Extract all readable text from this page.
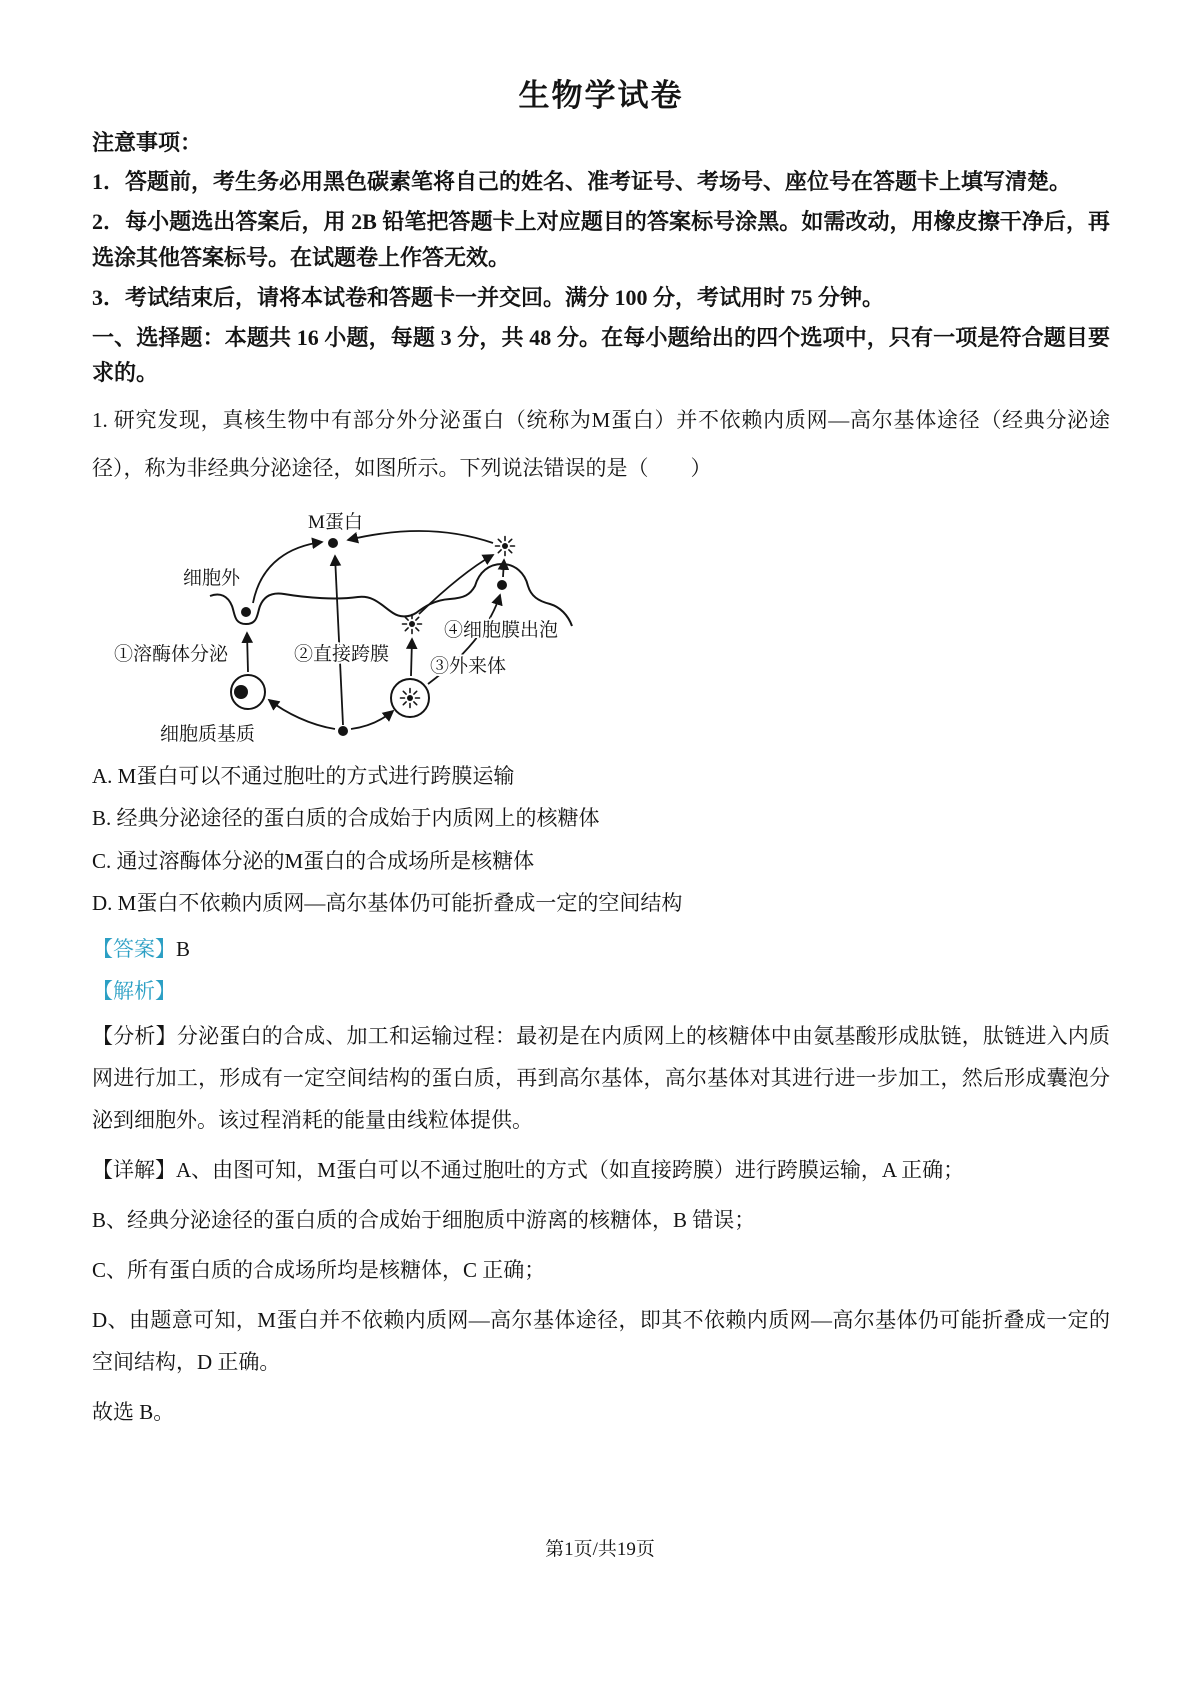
生物学试卷

注意事项：

1．答题前，考生务必用黑色碳素笔将自己的姓名、准考证号、考场号、座位号在答题卡上填写清楚。

2．每小题选出答案后，用 2B 铅笔把答题卡上对应题目的答案标号涂黑。如需改动，用橡皮擦干净后，再选涂其他答案标号。在试题卷上作答无效。

3．考试结束后，请将本试卷和答题卡一并交回。满分 100 分，考试用时 75 分钟。

一、选择题：本题共 16 小题，每题 3 分，共 48 分。在每小题给出的四个选项中，只有一项是符合题目要求的。

1. 研究发现，真核生物中有部分外分泌蛋白（统称为M蛋白）并不依赖内质网—高尔基体途径（经典分泌途径），称为非经典分泌途径，如图所示。下列说法错误的是（　　）

M蛋白
细胞外
①溶酶体分泌	②直接跨膜
③外来体
④细胞膜出泡
细胞质基质

A. M蛋白可以不通过胞吐的方式进行跨膜运输

B. 经典分泌途径的蛋白质的合成始于内质网上的核糖体

C. 通过溶酶体分泌的M蛋白的合成场所是核糖体

D. M蛋白不依赖内质网—高尔基体仍可能折叠成一定的空间结构

【答案】B

【解析】

【分析】分泌蛋白的合成、加工和运输过程：最初是在内质网上的核糖体中由氨基酸形成肽链，肽链进入内质网进行加工，形成有一定空间结构的蛋白质，再到高尔基体，高尔基体对其进行进一步加工，然后形成囊泡分泌到细胞外。该过程消耗的能量由线粒体提供。

【详解】A、由图可知，M蛋白可以不通过胞吐的方式（如直接跨膜）进行跨膜运输，A 正确；

B、经典分泌途径的蛋白质的合成始于细胞质中游离的核糖体，B 错误；

C、所有蛋白质的合成场所均是核糖体，C 正确；

D、由题意可知，M蛋白并不依赖内质网—高尔基体途径，即其不依赖内质网—高尔基体仍可能折叠成一定的空间结构，D 正确。

故选 B。

第1页/共19页
